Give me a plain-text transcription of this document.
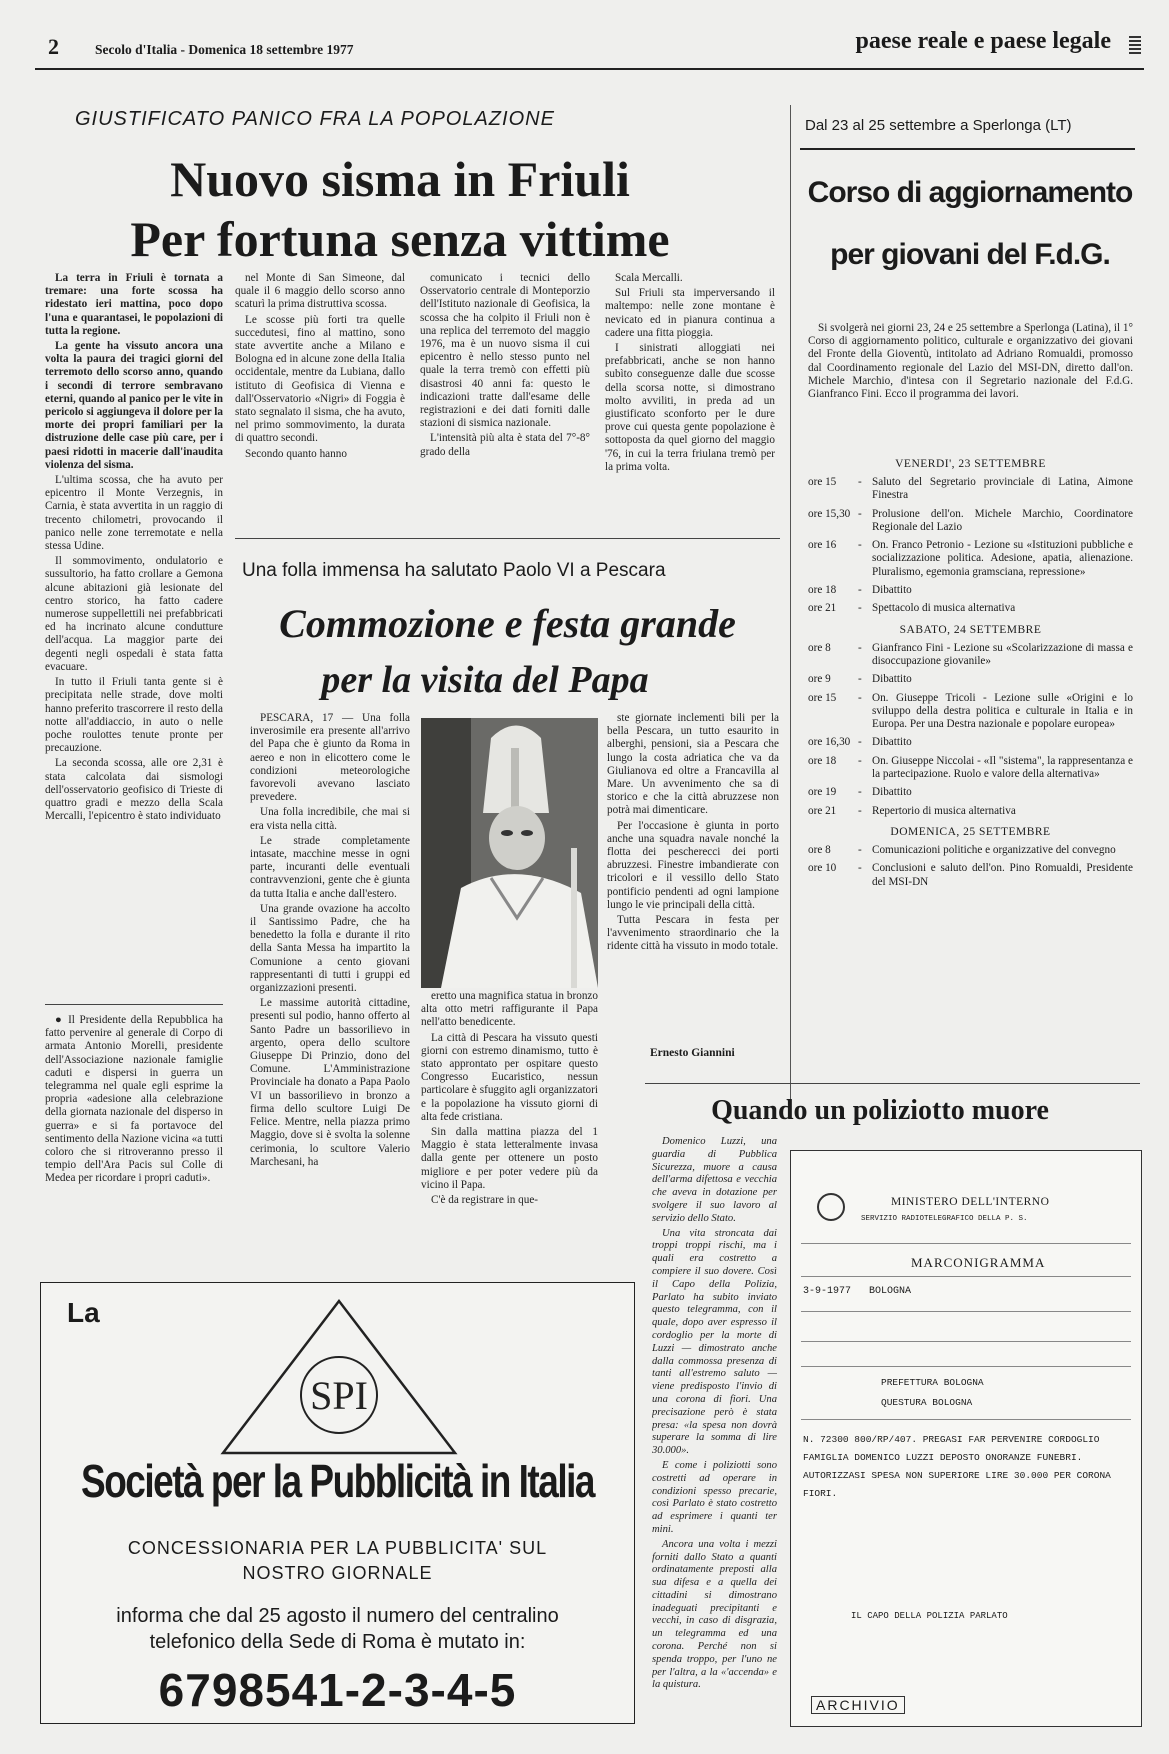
2	Secolo d'Italia - Domenica 18 settembre 1977	paese reale e paese legale
GIUSTIFICATO PANICO FRA LA POPOLAZIONE
Nuovo sisma in Friuli
Per fortuna senza vittime

La terra in Friuli è tornata a tremare: una forte scossa ha ridestato ieri mattina, poco dopo l'una e quarantasei, le popolazioni di tutta la regione.

La gente ha vissuto ancora una volta la paura dei tragici giorni del terremoto dello scorso anno, quando i secondi di terrore sembravano eterni, quando al panico per le vite in pericolo si aggiungeva il dolore per la morte dei propri familiari per la distruzione delle case più care, per i paesi ridotti in macerie dall'inaudita violenza del sisma.

L'ultima scossa, che ha avuto per epicentro il Monte Verzegnis, in Carnia, è stata avvertita in un raggio di trecento chilometri, provocando il panico nelle zone terremotate e nella stessa Udine.

Il sommovimento, ondulatorio e sussultorio, ha fatto crollare a Gemona alcune abitazioni già lesionate del centro storico, ha fatto cadere numerose suppellettili nei prefabbricati ed ha incrinato alcune condutture dell'acqua. La maggior parte dei degenti negli ospedali è stata fatta evacuare.

In tutto il Friuli tanta gente si è precipitata nelle strade, dove molti hanno preferito trascorrere il resto della notte all'addiaccio, in auto o nelle poche roulottes tenute pronte per precauzione.

La seconda scossa, alle ore 2,31 è stata calcolata dai sismologi dell'osservatorio geofisico di Trieste di quattro gradi e mezzo della Scala Mercalli, l'epicentro è stato individuato

nel Monte di San Simeone, dal quale il 6 maggio dello scorso anno scaturì la prima distruttiva scossa.

Le scosse più forti tra quelle succedutesi, fino al mattino, sono state avvertite anche a Milano e Bologna ed in alcune zone della Italia occidentale, mentre da Lubiana, dallo istituto di Geofisica di Vienna e dall'Osservatorio «Nigri» di Foggia è stato segnalato il sisma, che ha avuto, nel primo sommovimento, la durata di quattro secondi.

Secondo quanto hanno

comunicato i tecnici dello Osservatorio centrale di Monteporzio dell'Istituto nazionale di Geofisica, la scossa che ha colpito il Friuli non è una replica del terremoto del maggio 1976, ma è un nuovo sisma il cui epicentro è nello stesso punto nel quale la terra tremò con effetti più disastrosi 40 anni fa: questo le indicazioni tratte dall'esame delle registrazioni e dei dati forniti dalle stazioni di sismica nazionale.

L'intensità più alta è stata del 7°-8° grado della

Scala Mercalli.

Sul Friuli sta imperversando il maltempo: nelle zone montane è nevicato ed in pianura continua a cadere una fitta pioggia.

I sinistrati alloggiati nei prefabbricati, anche se non hanno subìto conseguenze dalle due scosse della scorsa notte, si dimostrano molto avviliti, in preda ad un giustificato sconforto per le dure prove cui questa gente popolazione è sottoposta da quel giorno del maggio '76, in cui la terra friulana tremò per la prima volta.

● Il Presidente della Repubblica ha fatto pervenire al generale di Corpo di armata Antonio Morelli, presidente dell'Associazione nazionale famiglie caduti e dispersi in guerra un telegramma nel quale egli esprime la propria «adesione alla celebrazione della giornata nazionale del disperso in guerra» e si fa portavoce del sentimento della Nazione vicina «a tutti coloro che si ritroveranno presso il tempio dell'Ara Pacis sul Colle di Medea per ricordare i propri caduti».

Una folla immensa ha salutato Paolo VI a Pescara
Commozione e festa grande
per la visita del Papa

PESCARA, 17 — Una folla inverosimile era presente all'arrivo del Papa che è giunto da Roma in aereo e non in elicottero come le condizioni meteorologiche favorevoli avevano lasciato prevedere.

Una folla incredibile, che mai si era vista nella città.

Le strade completamente intasate, macchine messe in ogni parte, incuranti delle eventuali contravvenzioni, gente che è giunta da tutta Italia e anche dall'estero.

Una grande ovazione ha accolto il Santissimo Padre, che ha benedetto la folla e durante il rito della Santa Messa ha impartito la Comunione a cento giovani rappresentanti di tutti i gruppi ed organizzazioni presenti.

Le massime autorità cittadine, presenti sul podio, hanno offerto al Santo Padre un bassorilievo in argento, opera dello scultore Giuseppe Di Prinzio, dono del Comune. L'Amministrazione Provinciale ha donato a Papa Paolo VI un bassorilievo in bronzo a firma dello scultore Luigi De Felice. Mentre, nella piazza primo Maggio, dove si è svolta la solenne cerimonia, lo scultore Valerio Marchesani, ha

eretto una magnifica statua in bronzo alta otto metri raffigurante il Papa nell'atto benedicente.

La città di Pescara ha vissuto questi giorni con estremo dinamismo, tutto è stato approntato per ospitare questo Congresso Eucaristico, nessun particolare è sfuggito agli organizzatori e la popolazione ha vissuto giorni di alta fede cristiana.

Sin dalla mattina piazza del 1 Maggio è stata letteralmente invasa dalla gente per ottenere un posto migliore e per poter vedere più da vicino il Papa.

C'è da registrare in que-

ste giornate inclementi bili per la bella Pescara, un tutto esaurito in alberghi, pensioni, sia a Pescara che lungo la costa adriatica che va da Giulianova ed oltre a Francavilla al Mare. Un avvenimento che sa di storico e che la città abruzzese non potrà mai dimenticare.

Per l'occasione è giunta in porto anche una squadra navale nonché la flotta dei pescherecci dei porti abruzzesi. Finestre imbandierate con tricolori e il vessillo dello Stato pontificio pendenti ad ogni lampione lungo le vie principali della città.

Tutta Pescara in festa per l'avvenimento straordinario che la ridente città ha vissuto in modo totale.

Ernesto Giannini
Dal 23 al 25 settembre a Sperlonga (LT)
Corso di aggiornamento
per giovani del F.d.G.

Si svolgerà nei giorni 23, 24 e 25 settembre a Sperlonga (Latina), il 1° Corso di aggiornamento politico, culturale e organizzativo dei giovani del Fronte della Gioventù, intitolato ad Adriano Romualdi, promosso dal Coordinamento regionale del Lazio del MSI-DN, diretto dall'on. Michele Marchio, d'intesa con il Segretario nazionale del F.d.G. Gianfranco Fini. Ecco il programma dei lavori.

VENERDI', 23 SETTEMBRE
ore 15	- Saluto del Segretario provinciale di Latina, Aimone Finestra
ore 15,30 - Prolusione dell'on. Michele Marchio, Coordinatore Regionale del Lazio
ore 16	- On. Franco Petronio - Lezione su «Istituzioni pubbliche e socializzazione politica. Adesione, apatia, alienazione. Pluralismo, egemonia gramsciana, repressione»
ore 18	- Dibattito
ore 21	- Spettacolo di musica alternativa
SABATO, 24 SETTEMBRE
ore 8	- Gianfranco Fini - Lezione su «Scolarizzazione di massa e disoccupazione giovanile»
ore 9	- Dibattito
ore 15	- On. Giuseppe Tricoli - Lezione sulle «Origini e lo sviluppo della destra politica e culturale in Italia e in Europa. Per una Destra nazionale e popolare europea»
ore 16,30 - Dibattito
ore 18	- On. Giuseppe Niccolai - «Il "sistema", la rappresentanza e la partecipazione. Ruolo e valore della alternativa»
ore 19	- Dibattito
ore 21	- Repertorio di musica alternativa
DOMENICA, 25 SETTEMBRE
ore 8	- Comunicazioni politiche e organizzative del convegno
ore 10	- Conclusioni e saluto dell'on. Pino Romualdi, Presidente del MSI-DN
Quando un poliziotto muore

Domenico Luzzi, una guardia di Pubblica Sicurezza, muore a causa dell'arma difettosa e vecchia che aveva in dotazione per svolgere il suo lavoro al servizio dello Stato.

Una vita stroncata dai troppi troppi rischi, ma i quali era costretto a compiere il suo dovere. Così il Capo della Polizia, Parlato ha subito inviato questo telegramma, con il quale, dopo aver espresso il cordoglio per la morte di Luzzi — dimostrato anche dalla commossa presenza di tanti all'estremo saluto — viene predisposto l'invio di una corona di fiori. Una precisazione però è stata presa: «la spesa non dovrà superare la somma di lire 30.000».

E come i poliziotti sono costretti ad operare in condizioni spesso precarie, così Parlato è stato costretto ad esprimere i quanti ter mini.

Ancora una volta i mezzi forniti dallo Stato a quanti ordinatamente preposti alla sua difesa e a quella dei cittadini si dimostrano inadeguati precipitanti e vecchi, in caso di disgrazia, un telegramma ed una corona. Perché non si spenda troppo, per l'uno ne per l'altra, a la «'accenda» e la quistura.

MINISTERO DELL'INTERNO
SERVIZIO RADIOTELEGRAFICO DELLA P. S.
MARCONIGRAMMA
3-9-1977 BOLOGNA
PREFETTURA BOLOGNA
QUESTURA BOLOGNA
N. 72300 800/RP/407. PREGASI FAR PERVENIRE CORDOGLIO FAMIGLIA DOMENICO LUZZI DEPOSTO ONORANZE FUNEBRI. AUTORIZZASI SPESA NON SUPERIORE LIRE 30.000 PER CORONA FIORI.
IL CAPO DELLA POLIZIA PARLATO
ARCHIVIO
La
SPI
Società per la Pubblicità in Italia
CONCESSIONARIA PER LA PUBBLICITA' SUL
NOSTRO GIORNALE
informa che dal 25 agosto il numero del centralino
telefonico della Sede di Roma è mutato in:
6798541-2-3-4-5
